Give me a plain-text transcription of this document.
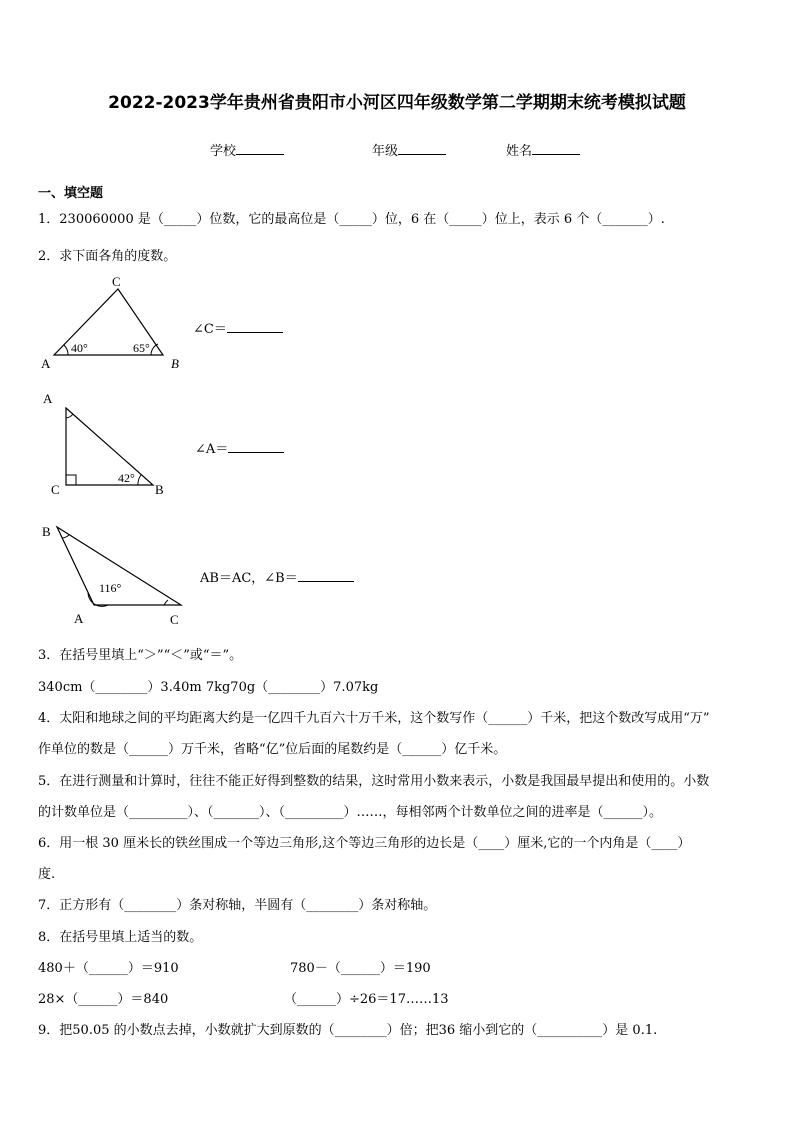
2022-2023学年贵州省贵阳市小河区四年级数学第二学期期末统考模拟试题
学校	年级	姓名
一、填空题
1．230060000 是（_____）位数，它的最高位是（_____）位，6 在（_____）位上，表示 6 个（_______）.
2．求下面各角的度数。
A	B
C
40°	65°
∠C＝
A
C	B
42°
∠A＝
B
A	C
116°
AB＝AC，∠B＝
3．在括号里填上“＞”“＜”或“＝”。
340cm（________）3.40m 7kg70g（________）7.07kg
4．太阳和地球之间的平均距离大约是一亿四千九百六十万千米，这个数写作（______）千米，把这个数改写成用“万”
作单位的数是（______）万千米，省略“亿”位后面的尾数约是（______）亿千米。
5．在进行测量和计算时，往往不能正好得到整数的结果，这时常用小数来表示，小数是我国最早提出和使用的。小数
的计数单位是（_________）、（_______）、（_________）……，每相邻两个计数单位之间的进率是（______）。
6．用一根 30 厘米长的铁丝围成一个等边三角形,这个等边三角形的边长是（____）厘米,它的一个内角是（____）
度.
7．正方形有（________）条对称轴，半圆有（________）条对称轴。
8．在括号里填上适当的数。
480＋（______）＝910	780－（______）＝190
28×（______）＝840	（______）÷26＝17……13
9．把50.05 的小数点去掉，小数就扩大到原数的（________）倍；把36 缩小到它的（__________）是 0.1.
